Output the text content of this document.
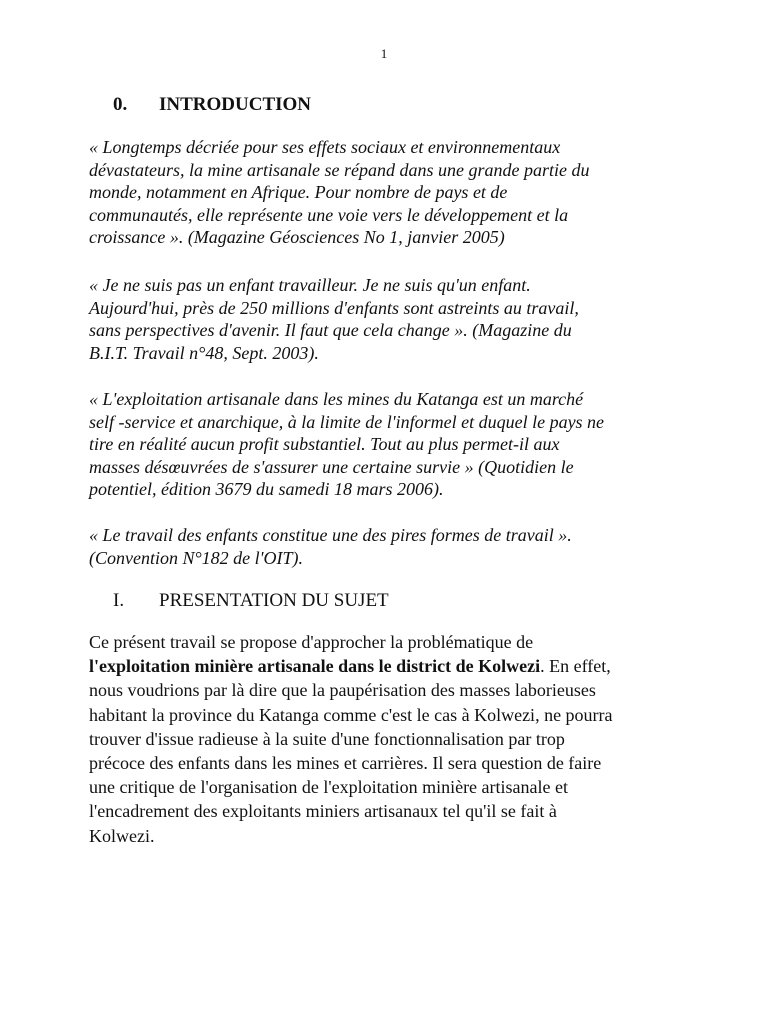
1
0. INTRODUCTION

« Longtemps décriée pour ses effets sociaux et environnementaux
dévastateurs, la mine artisanale se répand dans une grande partie du
monde, notamment en Afrique. Pour nombre de pays et de
communautés, elle représente une voie vers le développement et la
croissance ». (Magazine Géosciences No 1, janvier 2005)

« Je ne suis pas un enfant travailleur. Je ne suis qu'un enfant.
Aujourd'hui, près de 250 millions d'enfants sont astreints au travail,
sans perspectives d'avenir. Il faut que cela change ». (Magazine du
B.I.T. Travail n°48, Sept. 2003).

« L'exploitation artisanale dans les mines du Katanga est un marché
self -service et anarchique, à la limite de l'informel et duquel le pays ne
tire en réalité aucun profit substantiel. Tout au plus permet-il aux
masses désœuvrées de s'assurer une certaine survie » (Quotidien le
potentiel, édition 3679 du samedi 18 mars 2006).

« Le travail des enfants constitue une des pires formes de travail ».
(Convention N°182 de l'OIT).

I. PRESENTATION DU SUJET

Ce présent travail se propose d'approcher la problématique de
l'exploitation minière artisanale dans le district de Kolwezi. En effet,
nous voudrions par là dire que la paupérisation des masses laborieuses
habitant la province du Katanga comme c'est le cas à Kolwezi, ne pourra
trouver d'issue radieuse à la suite d'une fonctionnalisation par trop
précoce des enfants dans les mines et carrières. Il sera question de faire
une critique de l'organisation de l'exploitation minière artisanale et
l'encadrement des exploitants miniers artisanaux tel qu'il se fait à
Kolwezi.
